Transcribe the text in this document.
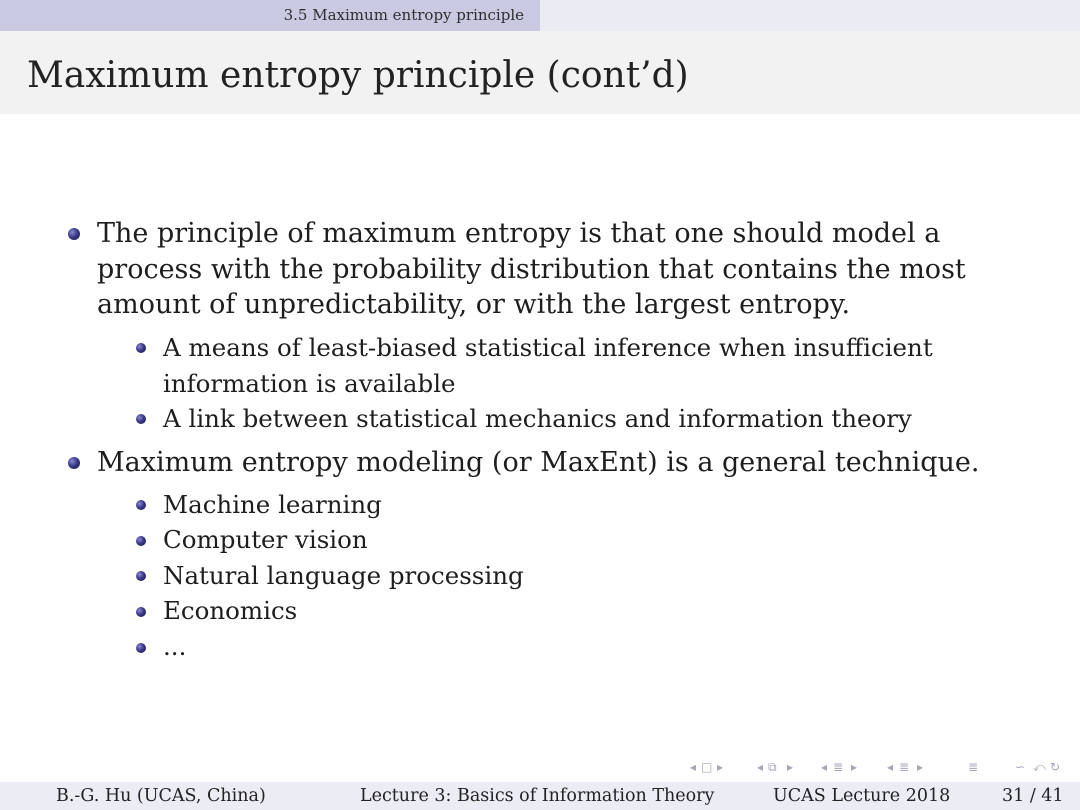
3.5 Maximum entropy principle
Maximum entropy principle (cont’d)
The principle of maximum entropy is that one should model a
process with the probability distribution that contains the most
amount of unpredictability, or with the largest entropy.
A means of least-biased statistical inference when insufficient
information is available
A link between statistical mechanics and information theory
Maximum entropy modeling (or MaxEnt) is a general technique.
Machine learning
Computer vision
Natural language processing
Economics
...
◂ □ ▸	◂ ⧉ ▸ ◂ ≣ ▸ ◂ ≣ ▸	≣	∽ ⤺ ↻
B.-G. Hu (UCAS, China)	Lecture 3: Basics of Information Theory	UCAS Lecture 2018	31 / 41
